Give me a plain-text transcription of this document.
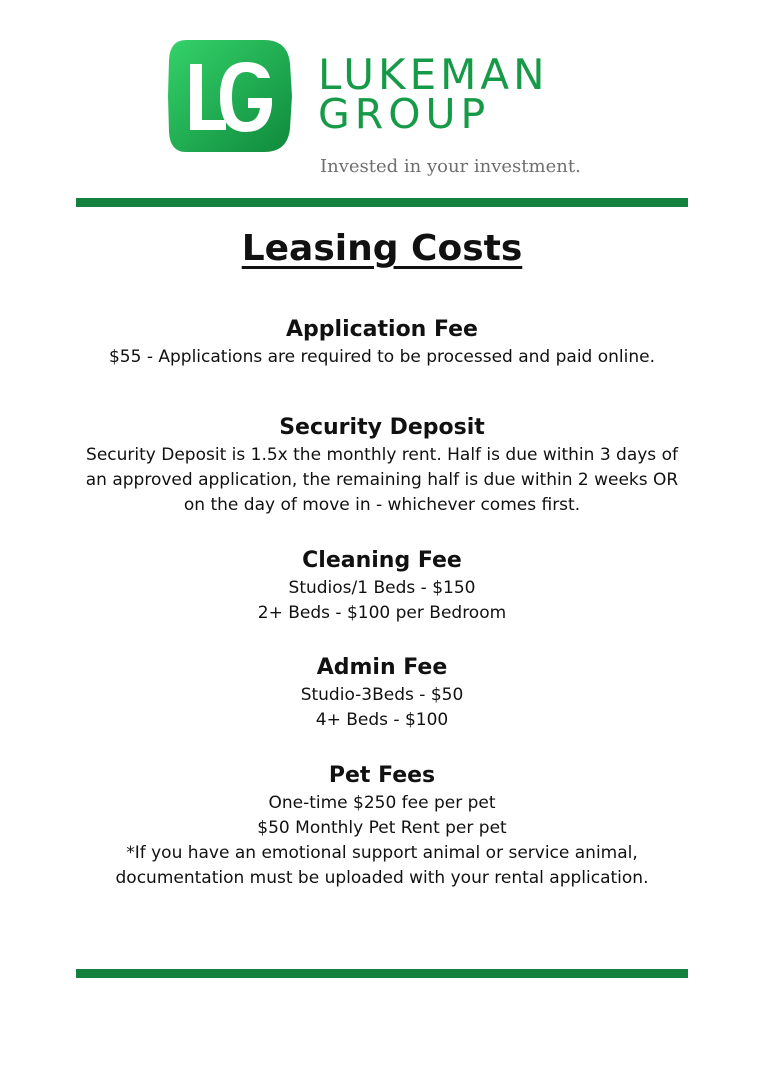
LUKEMAN
GROUP
Invested in your investment.
Leasing Costs
Application Fee
$55 - Applications are required to be processed and paid online.
Security Deposit
Security Deposit is 1.5x the monthly rent. Half is due within 3 days of
an approved application, the remaining half is due within 2 weeks OR
on the day of move in - whichever comes first.
Cleaning Fee
Studios/1 Beds - $150
2+ Beds - $100 per Bedroom
Admin Fee
Studio-3Beds - $50
4+ Beds - $100
Pet Fees
One-time $250 fee per pet
$50 Monthly Pet Rent per pet
*If you have an emotional support animal or service animal,
documentation must be uploaded with your rental application.
